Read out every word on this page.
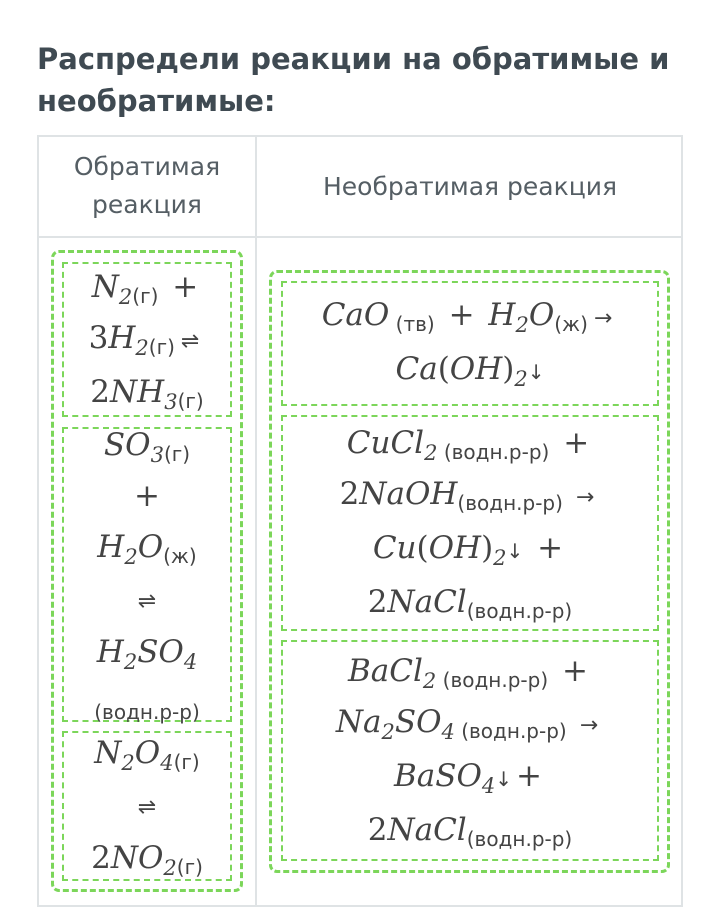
Распредели реакции на обратимые и необратимые:
Обратимая реакция
Необратимая реакция
$N_2(г)$ +
$3H_2(г)$ ⇌
$2NH_3(г)$
$SO_3(г)$
+
$H_2O(ж)$
⇌
$H_2SO_4$
(водн.р-р)
$N_2O_4(г)$
⇌
$2NO_2(г)$
CaO $(тв) + H_2O(ж)$ →
$Ca(OH)_2↓$
CuCl$_2$ (водн.р-р) +
2NaOH(водн.р-р) →
$Cu(OH)_2↓$ +
2NaCl(водн.р-р)
BaCl$_2$ (водн.р-р) +
$Na_2SO_4$ (водн.р-р) →
BaSO$_4$↓ +
2NaCl(водн.р-р)
